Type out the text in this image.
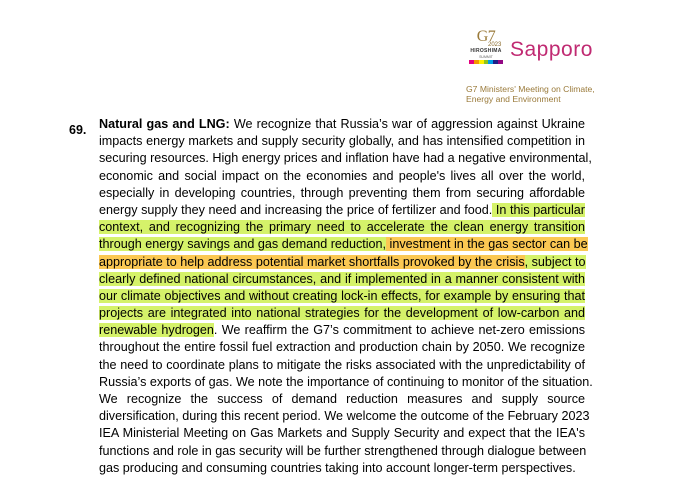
G7
2023
HIROSHIMA
SUMMIT Sapporo
G7 Ministers' Meeting on Climate,
Energy and Environment
69.	Natural gas and LNG: We recognize that Russia’s war of aggression against Ukraine
impacts energy markets and supply security globally, and has intensified competition in
securing resources. High energy prices and inflation have had a negative environmental,
economic and social impact on the economies and people's lives all over the world,
especially in developing countries, through preventing them from securing affordable
energy supply they need and increasing the price of fertilizer and food. In this particular
context, and recognizing the primary need to accelerate the clean energy transition
through energy savings and gas demand reduction, investment in the gas sector can be
appropriate to help address potential market shortfalls provoked by the crisis, subject to
clearly defined national circumstances, and if implemented in a manner consistent with
our climate objectives and without creating lock-in effects, for example by ensuring that
projects are integrated into national strategies for the development of low-carbon and
renewable hydrogen. We reaffirm the G7’s commitment to achieve net-zero emissions
throughout the entire fossil fuel extraction and production chain by 2050. We recognize
the need to coordinate plans to mitigate the risks associated with the unpredictability of
Russia’s exports of gas. We note the importance of continuing to monitor of the situation.
We recognize the success of demand reduction measures and supply source
diversification, during this recent period. We welcome the outcome of the February 2023
IEA Ministerial Meeting on Gas Markets and Supply Security and expect that the IEA's
functions and role in gas security will be further strengthened through dialogue between
gas producing and consuming countries taking into account longer-term perspectives.
